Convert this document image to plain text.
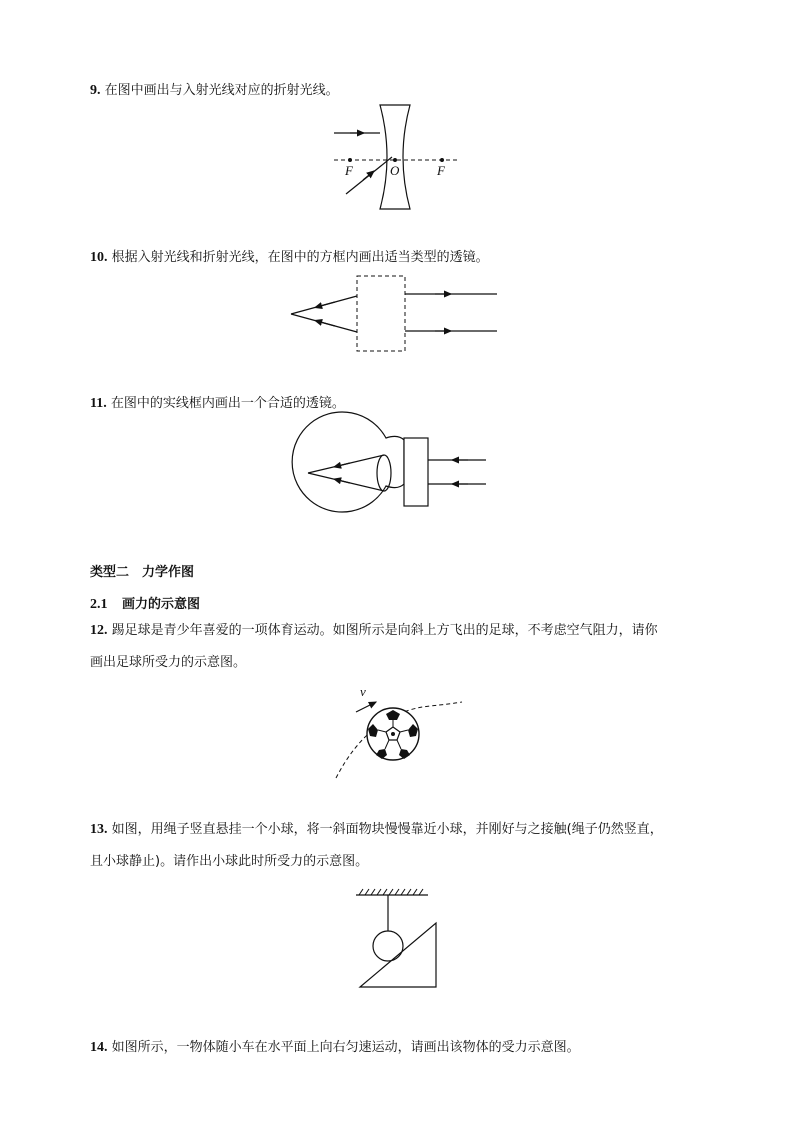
9. 在图中画出与入射光线对应的折射光线。
F	O	F
10. 根据入射光线和折射光线，在图中的方框内画出适当类型的透镜。
11. 在图中的实线框内画出一个合适的透镜。
类型二　力学作图
2.1 画力的示意图
12. 踢足球是青少年喜爱的一项体育运动。如图所示是向斜上方飞出的足球，不考虑空气阻力，请你
画出足球所受力的示意图。
v
13. 如图，用绳子竖直悬挂一个小球，将一斜面物块慢慢靠近小球，并刚好与之接触(绳子仍然竖直，
且小球静止)。请作出小球此时所受力的示意图。
14. 如图所示，一物体随小车在水平面上向右匀速运动，请画出该物体的受力示意图。
